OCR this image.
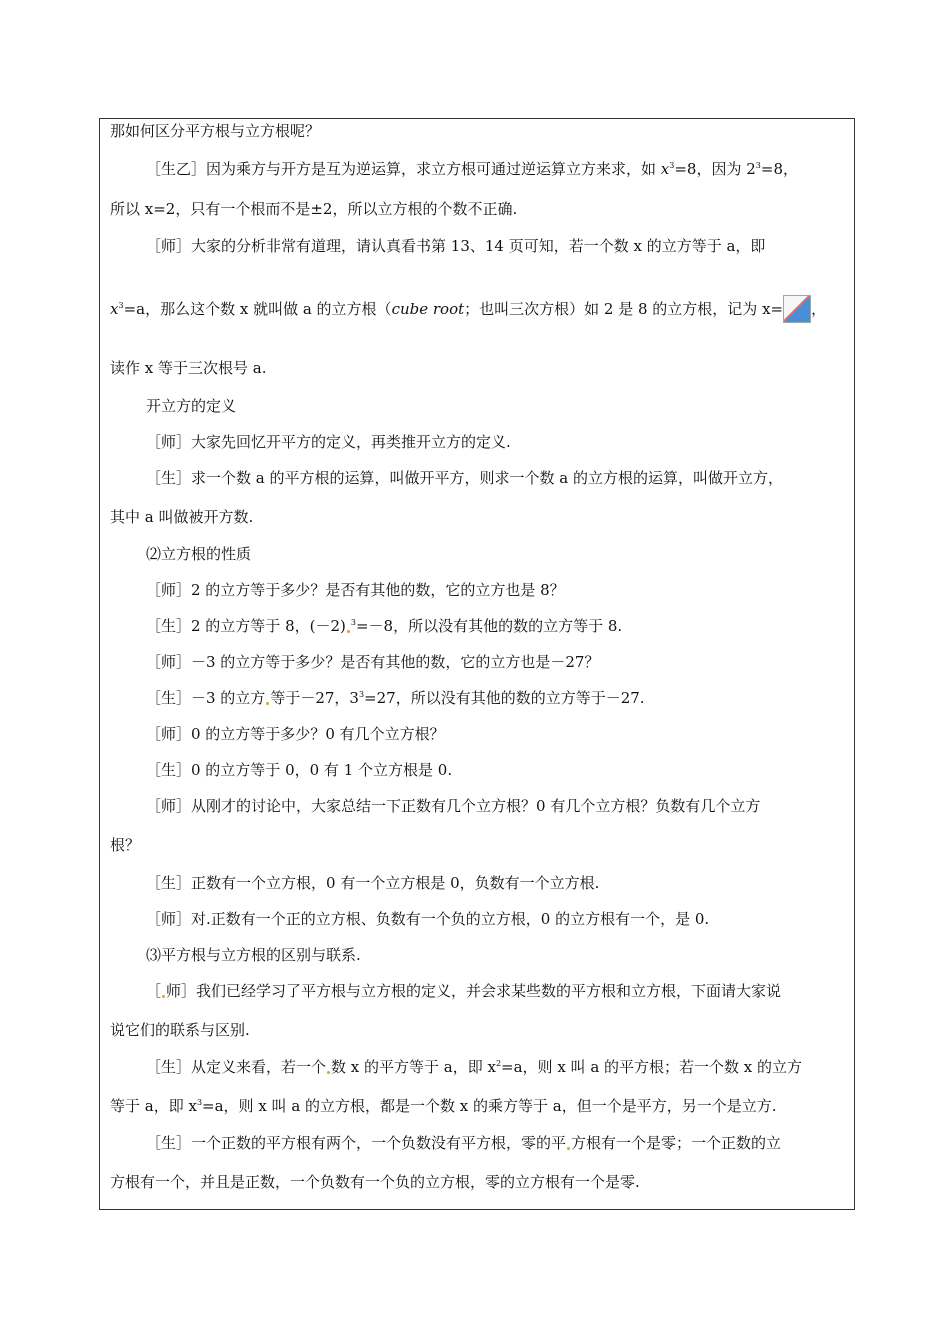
那如何区分平方根与立方根呢？
［生乙］因为乘方与开方是互为逆运算，求立方根可通过逆运算立方来求，如 $x^3=8$，因为 $2^3=8$，
所以 x=2，只有一个根而不是±2，所以立方根的个数不正确.
［师］大家的分析非常有道理，请认真看书第 13、14 页可知，若一个数 x 的立方等于 a，即
$x^3=a$，那么这个数 x 就叫做 a 的立方根（cube root；也叫三次方根）如 2 是 8 的立方根，记为 x= ，
读作 x 等于三次根号 a.
开立方的定义
［师］大家先回忆开平方的定义，再类推开立方的定义.
［生］求一个数 a 的平方根的运算，叫做开平方，则求一个数 a 的立方根的运算，叫做开立方，
其中 a 叫做被开方数.
⑵立方根的性质
［师］2 的立方等于多少？是否有其他的数，它的立方也是 8？
［生］2 的立方等于 8，(－2) $^3$=－8，所以没有其他的数的立方等于 8.
［师］－3 的立方等于多少？是否有其他的数，它的立方也是－27？
［生］－3 的立方 等于－27，$3^3=27$，所以没有其他的数的立方等于－27.
［师］0 的立方等于多少？0 有几个立方根？
［生］0 的立方等于 0，0 有 1 个立方根是 0.
［师］从刚才的讨论中，大家总结一下正数有几个立方根？0 有几个立方根？负数有几个立方
根？
［生］正数有一个立方根，0 有一个立方根是 0，负数有一个立方根.
［师］对.正数有一个正的立方根、负数有一个负的立方根，0 的立方根有一个，是 0.
⑶平方根与立方根的区别与联系.
［ 师］我们已经学习了平方根与立方根的定义，并会求某些数的平方根和立方根，下面请大家说
说它们的联系与区别.
［生］从定义来看，若一个 数 x 的平方等于 a，即 $x^2=a$，则 x 叫 a 的平方根；若一个数 x 的立方
等于 a，即 $x^3=a$，则 x 叫 a 的立方根，都是一个数 x 的乘方等于 a，但一个是平方，另一个是立方.
［生］一个正数的平方根有两个，一个负数没有平方根，零的平 方根有一个是零；一个正数的立
方根有一个，并且是正数，一个负数有一个负的立方根，零的立方根有一个是零.
